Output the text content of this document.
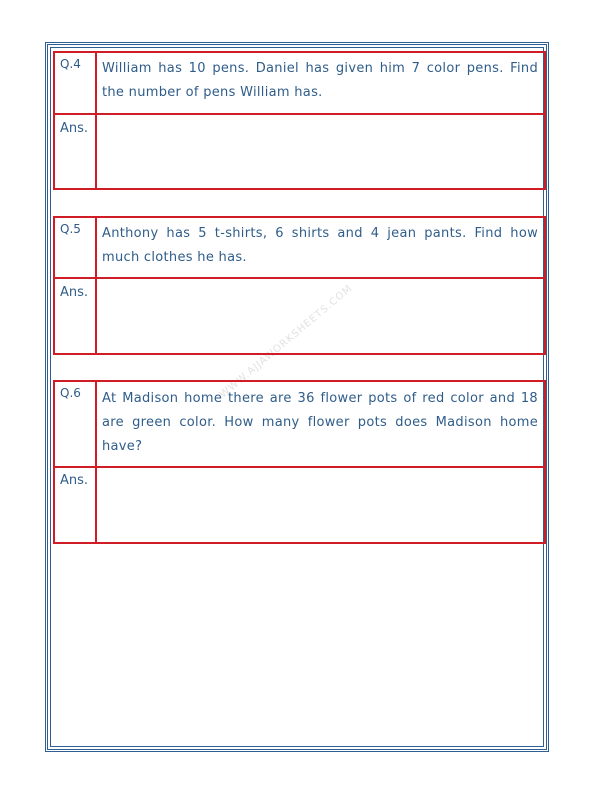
WWW.AJJAWORKSHEETS.COM
Q.4	William has 10 pens. Daniel has given him 7 color pens. Find the number of pens William has.
Ans.
Q.5	Anthony has 5 t-shirts, 6 shirts and 4 jean pants. Find how much clothes he has.
Ans.
Q.6	At Madison home there are 36 flower pots of red color and 18 are green color. How many flower pots does Madison home have?
Ans.
